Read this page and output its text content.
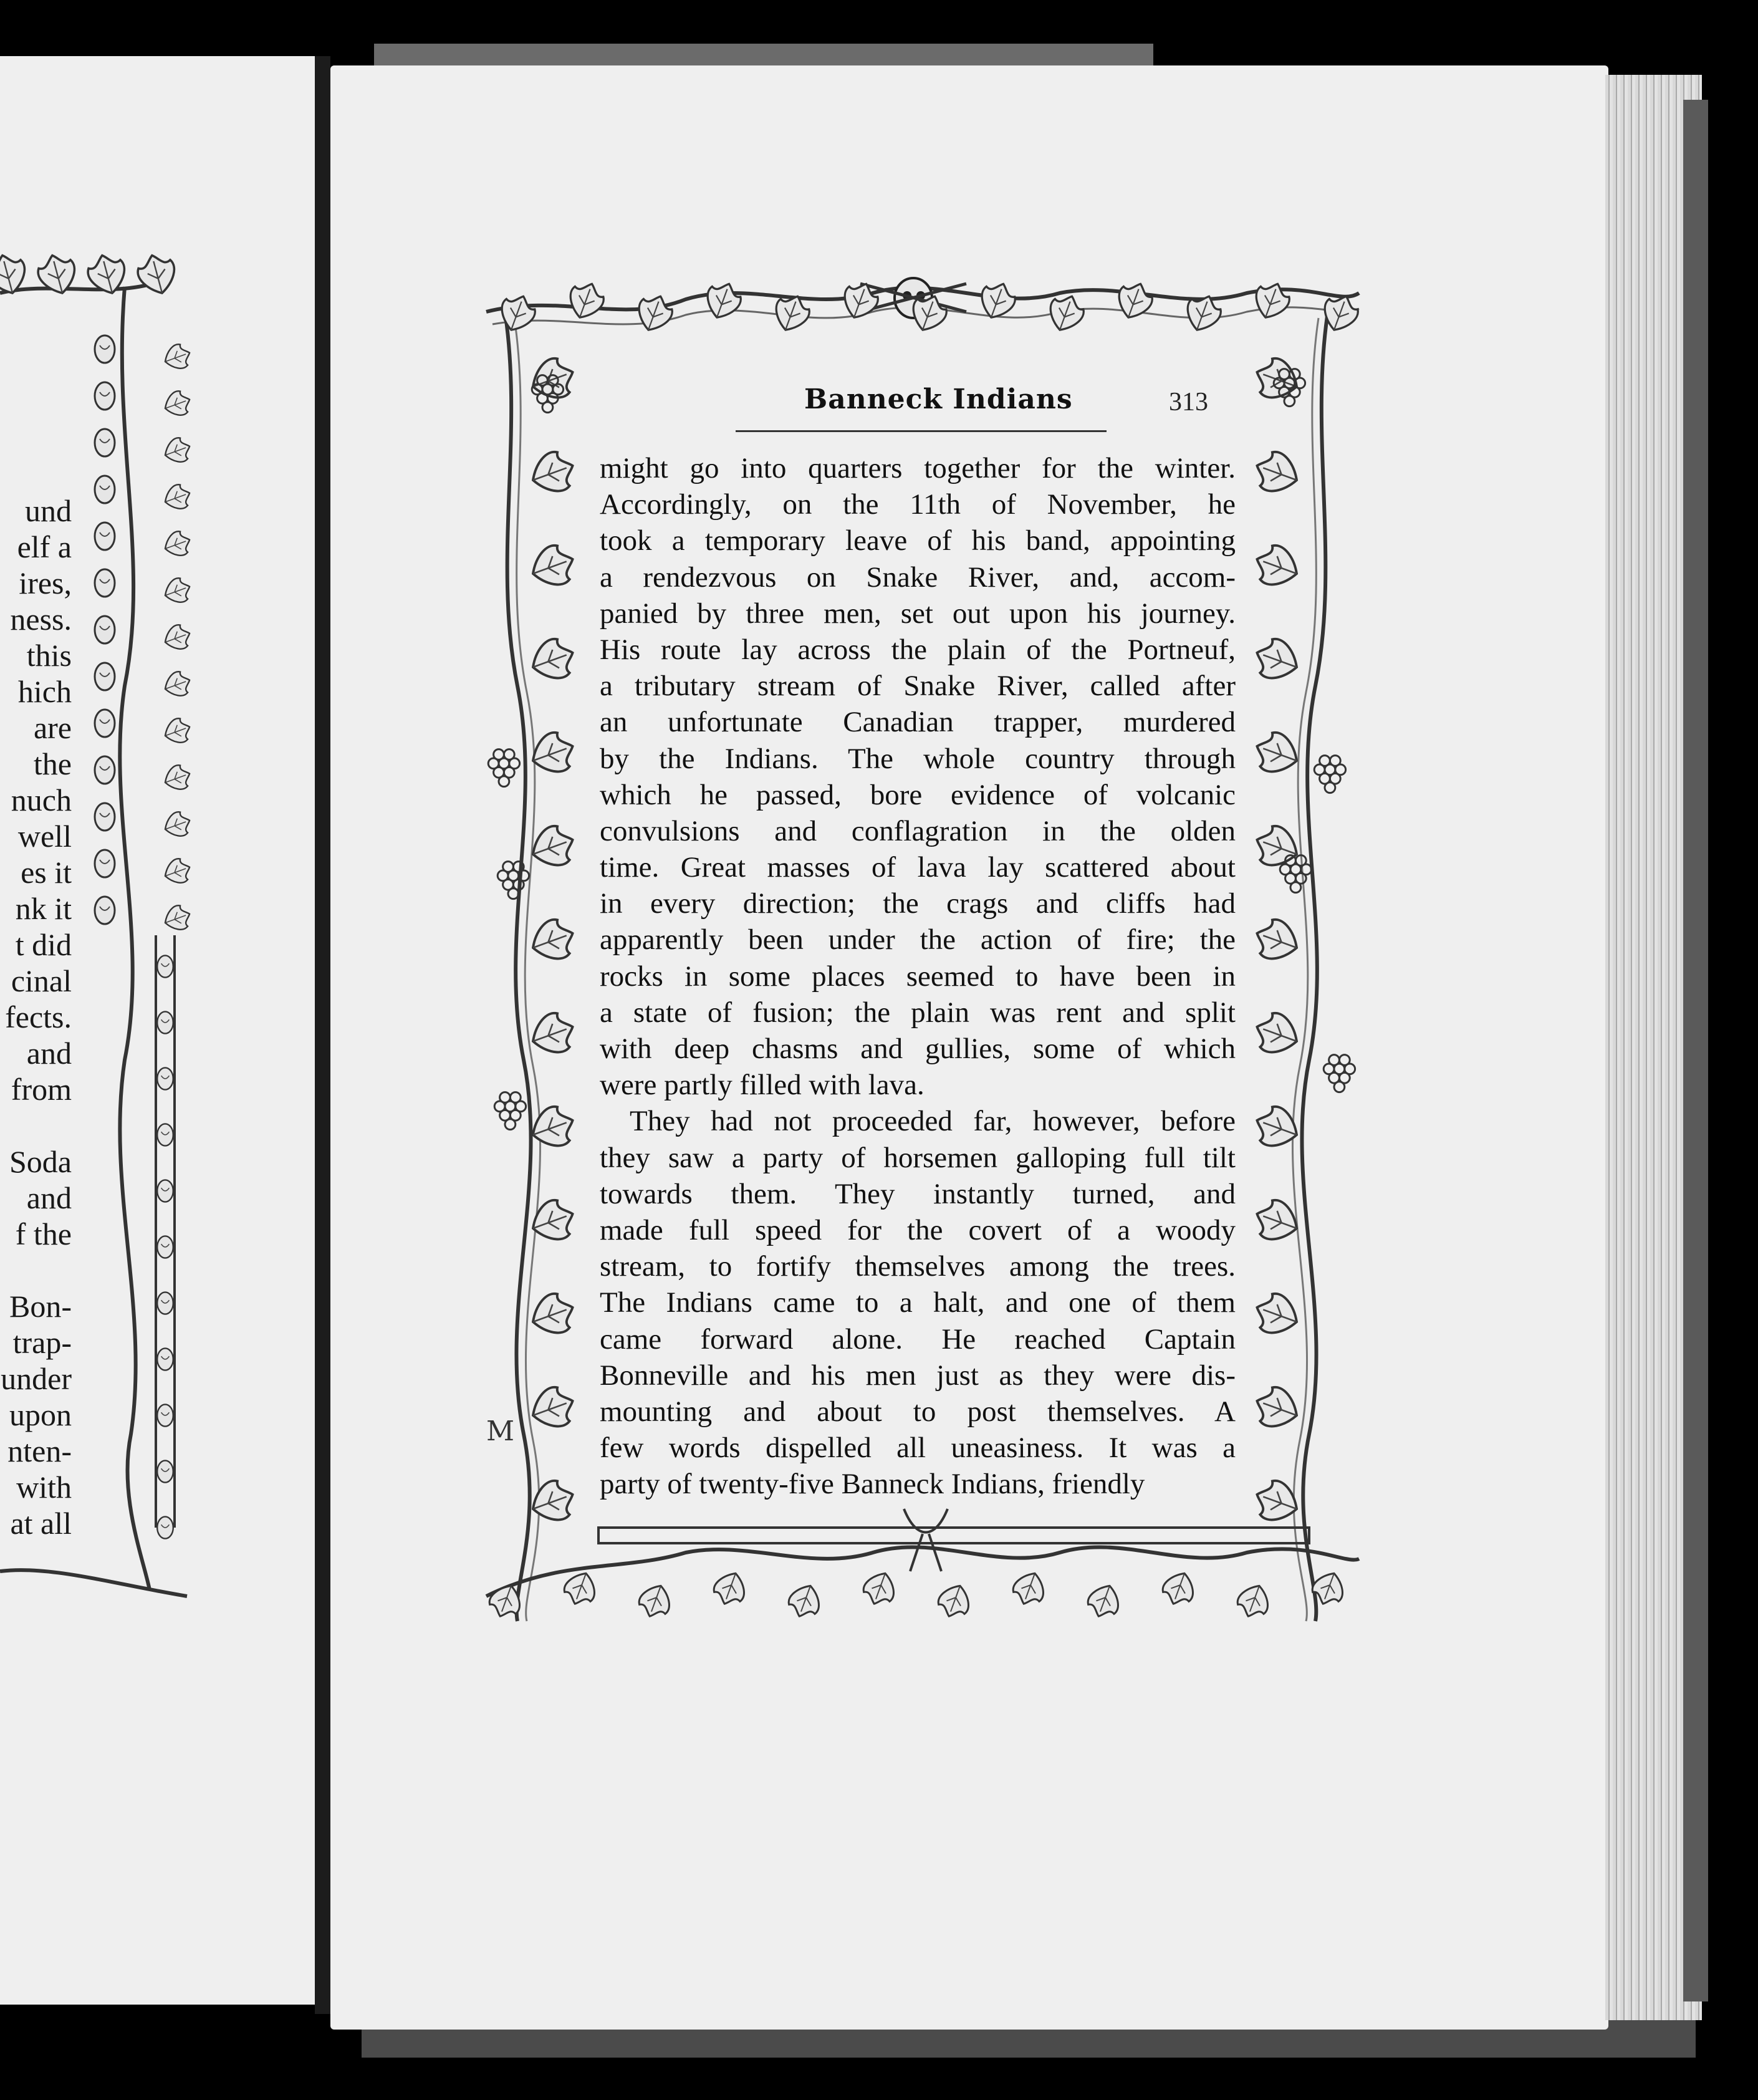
und
elf a
ires,
ness.
this
hich
are
the
nuch
well
es it
nk it
t did
cinal
fects.
and
from
Soda
and
f the
Bon-
trap-
under
upon
nten-
with
at all
M
Banneck Indians	313
might go into quarters together for the winter.
Accordingly, on the 11th of November, he
took a temporary leave of his band, appointing
a rendezvous on Snake River, and, accom-
panied by three men, set out upon his journey.
His route lay across the plain of the Portneuf,
a tributary stream of Snake River, called after
an unfortunate Canadian trapper, murdered
by the Indians. The whole country through
which he passed, bore evidence of volcanic
convulsions and conflagration in the olden
time. Great masses of lava lay scattered about
in every direction; the crags and cliffs had
apparently been under the action of fire; the
rocks in some places seemed to have been in
a state of fusion; the plain was rent and split
with deep chasms and gullies, some of which
were partly filled with lava.
They had not proceeded far, however, before
they saw a party of horsemen galloping full tilt
towards them. They instantly turned, and
made full speed for the covert of a woody
stream, to fortify themselves among the trees.
The Indians came to a halt, and one of them
came forward alone. He reached Captain
Bonneville and his men just as they were dis-
mounting and about to post themselves. A
few words dispelled all uneasiness. It was a
party of twenty-five Banneck Indians, friendly
